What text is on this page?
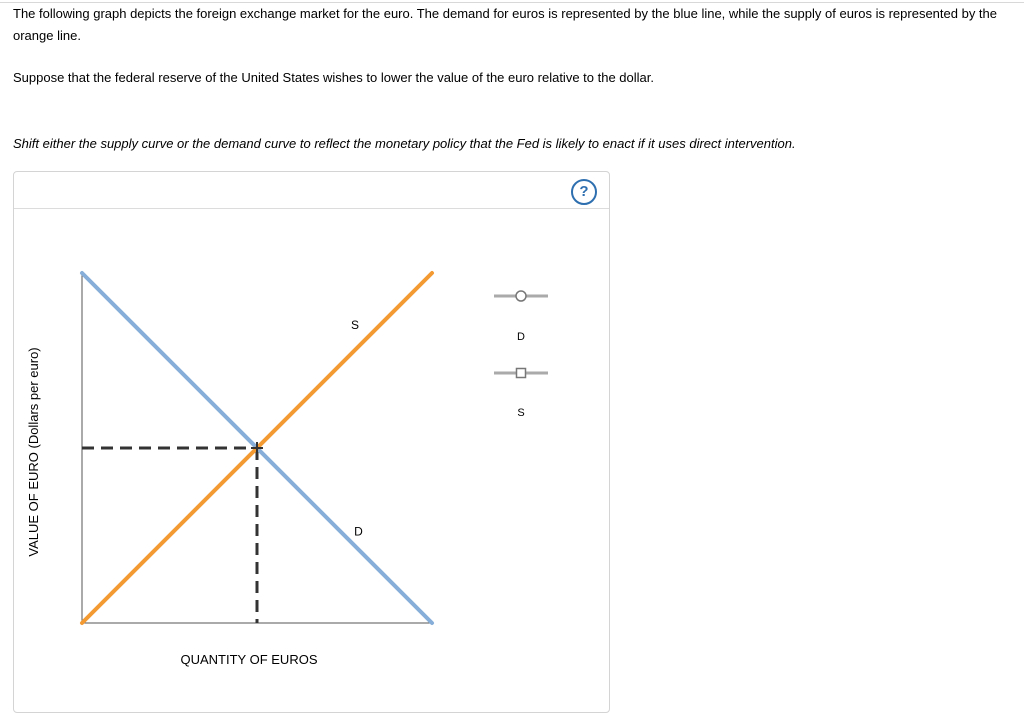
The following graph depicts the foreign exchange market for the euro. The demand for euros is represented by the blue line, while the supply of euros is represented by the orange line.

Suppose that the federal reserve of the United States wishes to lower the value of the euro relative to the dollar.

Shift either the supply curve or the demand curve to reflect the monetary policy that the Fed is likely to enact if it uses direct intervention.

?
S
D
QUANTITY OF EUROS
VALUE OF EURO (Dollars per euro)
D
S
